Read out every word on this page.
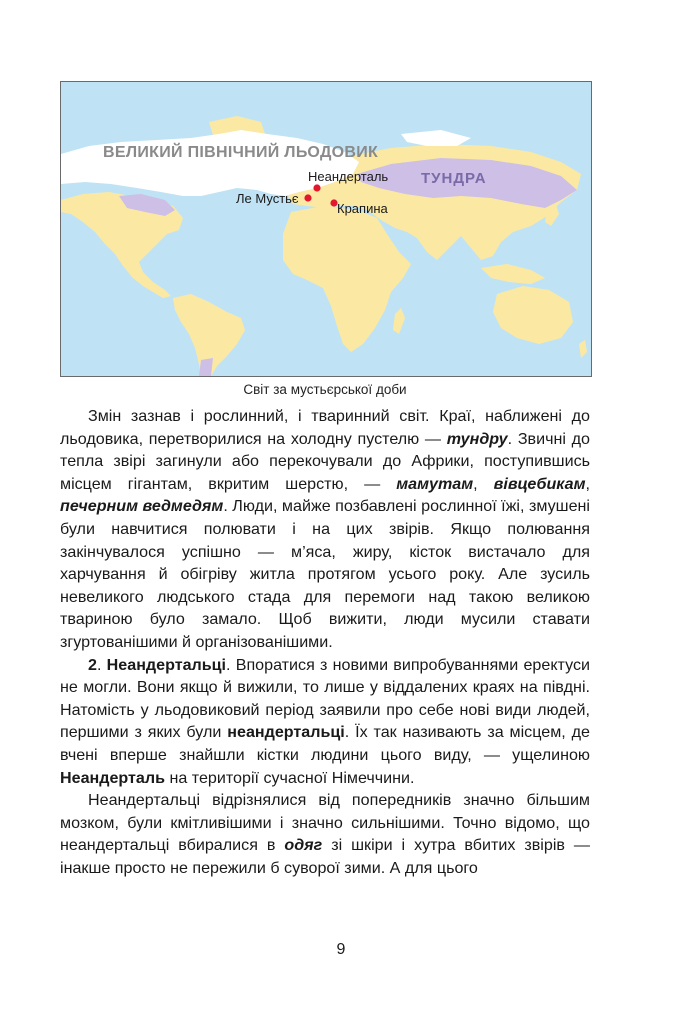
ВЕЛИКИЙ ПІВНІЧНИЙ ЛЬОДОВИК
ТУНДРА
Неандерталь
Ле Мустьє
Крапина
Світ за мустьєрської доби

Змін зазнав і рослинний, і тваринний світ. Краї, наближені до льодовика, перетворилися на холодну пустелю — тундру. Звичні до тепла звірі загинули або перекочували до Африки, поступившись місцем гігантам, вкритим шерстю, — мамутам, вівцебикам, печерним ведмедям. Люди, майже позбавлені рослинної їжі, змушені були навчитися полювати і на цих звірів. Якщо полювання закінчувалося успішно — м’яса, жиру, кісток вистачало для харчування й обігріву житла протягом усього року. Але зусиль невеликого людського стада для перемоги над такою великою твариною було замало. Щоб вижити, люди мусили ставати згуртованішими й організованішими.

2. Неандертальці. Впоратися з новими випробуваннями еректуси не могли. Вони якщо й вижили, то лише у віддалених краях на півдні. Натомість у льодовиковий період заявили про себе нові види людей, першими з яких були неандертальці. Їх так називають за місцем, де вчені вперше знайшли кістки людини цього виду, — ущелиною Неандерталь на території сучасної Німеччини.

Неандертальці відрізнялися від попередників значно більшим мозком, були кмітливішими і значно сильнішими. Точно відомо, що неандертальці вбиралися в одяг зі шкіри і хутра вбитих звірів — інакше просто не пережили б суворої зими. А для цього

9
